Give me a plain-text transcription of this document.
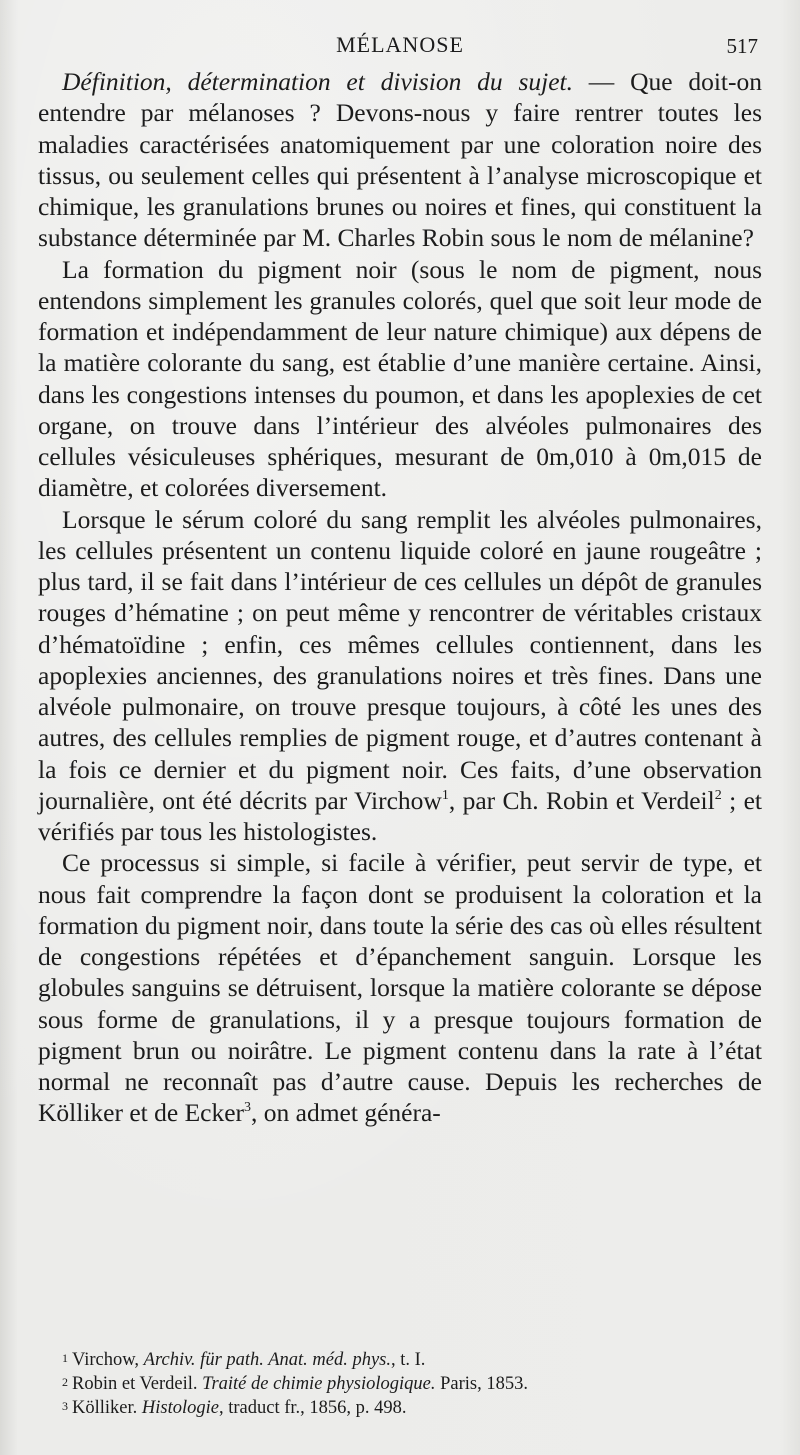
MÉLANOSE	517

Définition, détermination et division du sujet. — Que doit-on entendre par mélanoses ? Devons-nous y faire rentrer toutes les maladies caractérisées anatomiquement par une coloration noire des tissus, ou seulement celles qui présentent à l’analyse microscopique et chimique, les granulations brunes ou noires et fines, qui constituent la substance déterminée par M. Charles Robin sous le nom de mélanine?

La formation du pigment noir (sous le nom de pigment, nous entendons simplement les granules colorés, quel que soit leur mode de formation et indépendamment de leur nature chimique) aux dépens de la matière colorante du sang, est établie d’une manière certaine. Ainsi, dans les congestions intenses du poumon, et dans les apoplexies de cet organe, on trouve dans l’intérieur des alvéoles pulmonaires des cellules vésiculeuses sphériques, mesurant de 0m,010 à 0m,015 de diamètre, et colorées diversement.

Lorsque le sérum coloré du sang remplit les alvéoles pulmonaires, les cellules présentent un contenu liquide coloré en jaune rougeâtre ; plus tard, il se fait dans l’intérieur de ces cellules un dépôt de granules rouges d’hématine ; on peut même y rencontrer de véritables cristaux d’hématoïdine ; enfin, ces mêmes cellules contiennent, dans les apoplexies anciennes, des granulations noires et très fines. Dans une alvéole pulmonaire, on trouve presque toujours, à côté les unes des autres, des cellules remplies de pigment rouge, et d’autres contenant à la fois ce dernier et du pigment noir. Ces faits, d’une observation journalière, ont été décrits par Virchow$^1$, par Ch. Robin et Verdeil$^2$ ; et vérifiés par tous les histologistes.

Ce processus si simple, si facile à vérifier, peut servir de type, et nous fait comprendre la façon dont se produisent la coloration et la formation du pigment noir, dans toute la série des cas où elles résultent de congestions répétées et d’épanchement sanguin. Lorsque les globules sanguins se détruisent, lorsque la matière colorante se dépose sous forme de granulations, il y a presque toujours formation de pigment brun ou noirâtre. Le pigment contenu dans la rate à l’état normal ne reconnaît pas d’autre cause. Depuis les recherches de Kölliker et de Ecker$^3$, on admet généra-

1 Virchow, Archiv. für path. Anat. méd. phys., t. I.

2 Robin et Verdeil. Traité de chimie physiologique. Paris, 1853.

3 Kölliker. Histologie, traduct fr., 1856, p. 498.
